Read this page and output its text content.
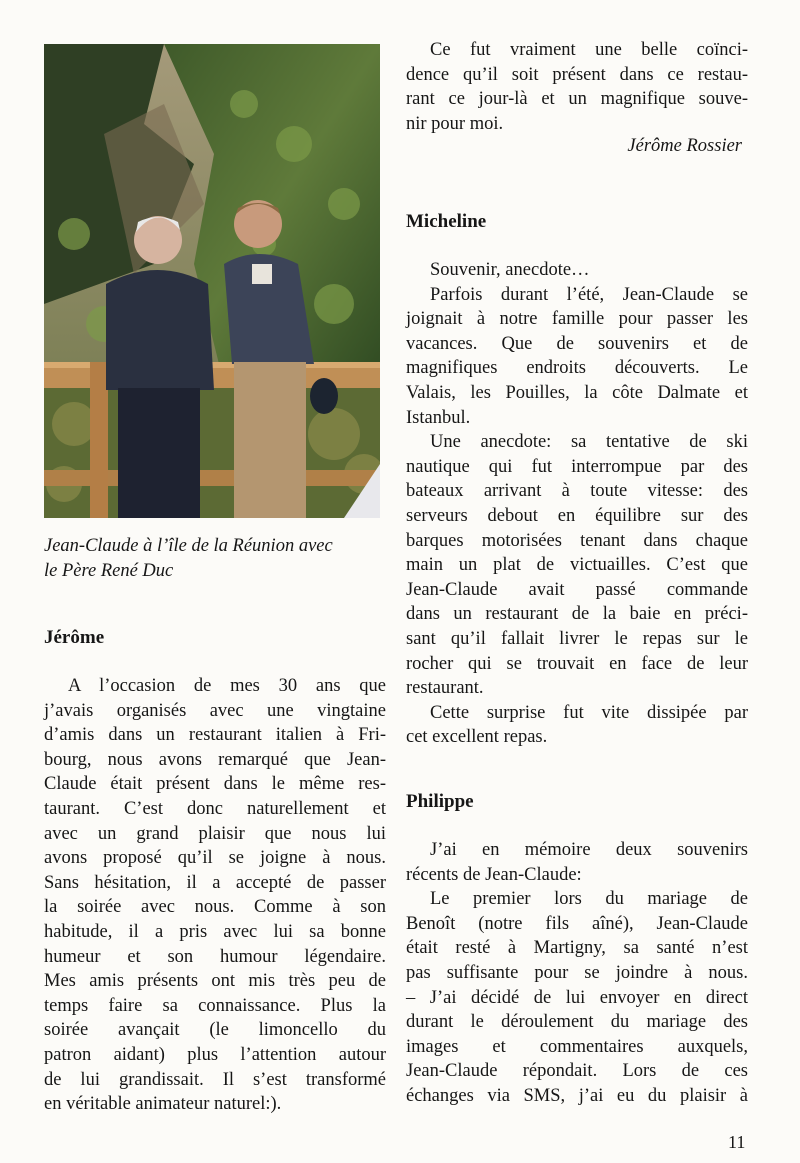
Jean-Claude à l’île de la Réunion avec
le Père René Duc
Jérôme
A l’occasion de mes 30 ans que
j’avais organisés avec une vingtaine
d’amis dans un restaurant italien à Fri-
bourg, nous avons remarqué que Jean-
Claude était présent dans le même res-
taurant. C’est donc naturellement et
avec un grand plaisir que nous lui
avons proposé qu’il se joigne à nous.
Sans hésitation, il a accepté de passer
la soirée avec nous. Comme à son
habitude, il a pris avec lui sa bonne
humeur et son humour légendaire.
Mes amis présents ont mis très peu de
temps faire sa connaissance. Plus la
soirée avançait (le limoncello du
patron aidant) plus l’attention autour
de lui grandissait. Il s’est transformé
en véritable animateur naturel:).
Ce fut vraiment une belle coïnci-
dence qu’il soit présent dans ce restau-
rant ce jour-là et un magnifique souve-
nir pour moi.
Jérôme Rossier
Micheline
Souvenir, anecdote…
Parfois durant l’été, Jean-Claude se
joignait à notre famille pour passer les
vacances. Que de souvenirs et de
magnifiques endroits découverts. Le
Valais, les Pouilles, la côte Dalmate et
Istanbul.
Une anecdote: sa tentative de ski
nautique qui fut interrompue par des
bateaux arrivant à toute vitesse: des
serveurs debout en équilibre sur des
barques motorisées tenant dans chaque
main un plat de victuailles. C’est que
Jean-Claude avait passé commande
dans un restaurant de la baie en préci-
sant qu’il fallait livrer le repas sur le
rocher qui se trouvait en face de leur
restaurant.
Cette surprise fut vite dissipée par
cet excellent repas.
Philippe
J’ai en mémoire deux souvenirs
récents de Jean-Claude:
Le premier lors du mariage de
Benoît (notre fils aîné), Jean-Claude
était resté à Martigny, sa santé n’est
pas suffisante pour se joindre à nous.
– J’ai décidé de lui envoyer en direct
durant le déroulement du mariage des
images et commentaires auxquels,
Jean-Claude répondait. Lors de ces
échanges via SMS, j’ai eu du plaisir à
11
